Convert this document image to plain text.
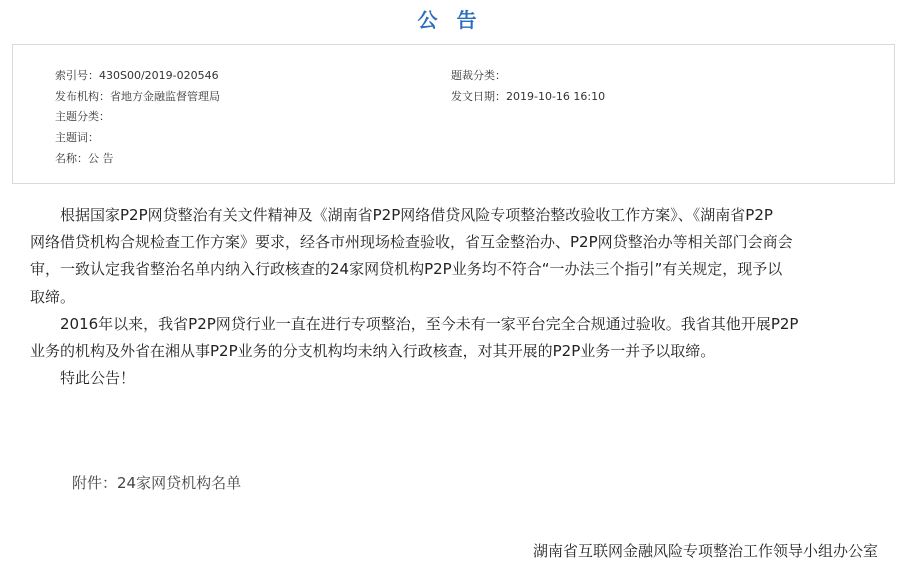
公 告
索引号：430S00/2019-020546	题裁分类：
发布机构：省地方金融监督管理局	发文日期：2019-10-16 16:10
主题分类：
主题词：
名称：公 告
根据国家P2P网贷整治有关文件精神及《湖南省P2P网络借贷风险专项整治整改验收工作方案》、《湖南省P2P
网络借贷机构合规检查工作方案》要求，经各市州现场检查验收，省互金整治办、P2P网贷整治办等相关部门会商会
审，一致认定我省整治名单内纳入行政核查的24家网贷机构P2P业务均不符合“一办法三个指引”有关规定，现予以
取缔。
2016年以来，我省P2P网贷行业一直在进行专项整治，至今未有一家平台完全合规通过验收。我省其他开展P2P
业务的机构及外省在湘从事P2P业务的分支机构均未纳入行政核查，对其开展的P2P业务一并予以取缔。
特此公告！
附件：24家网贷机构名单
湖南省互联网金融风险专项整治工作领导小组办公室
